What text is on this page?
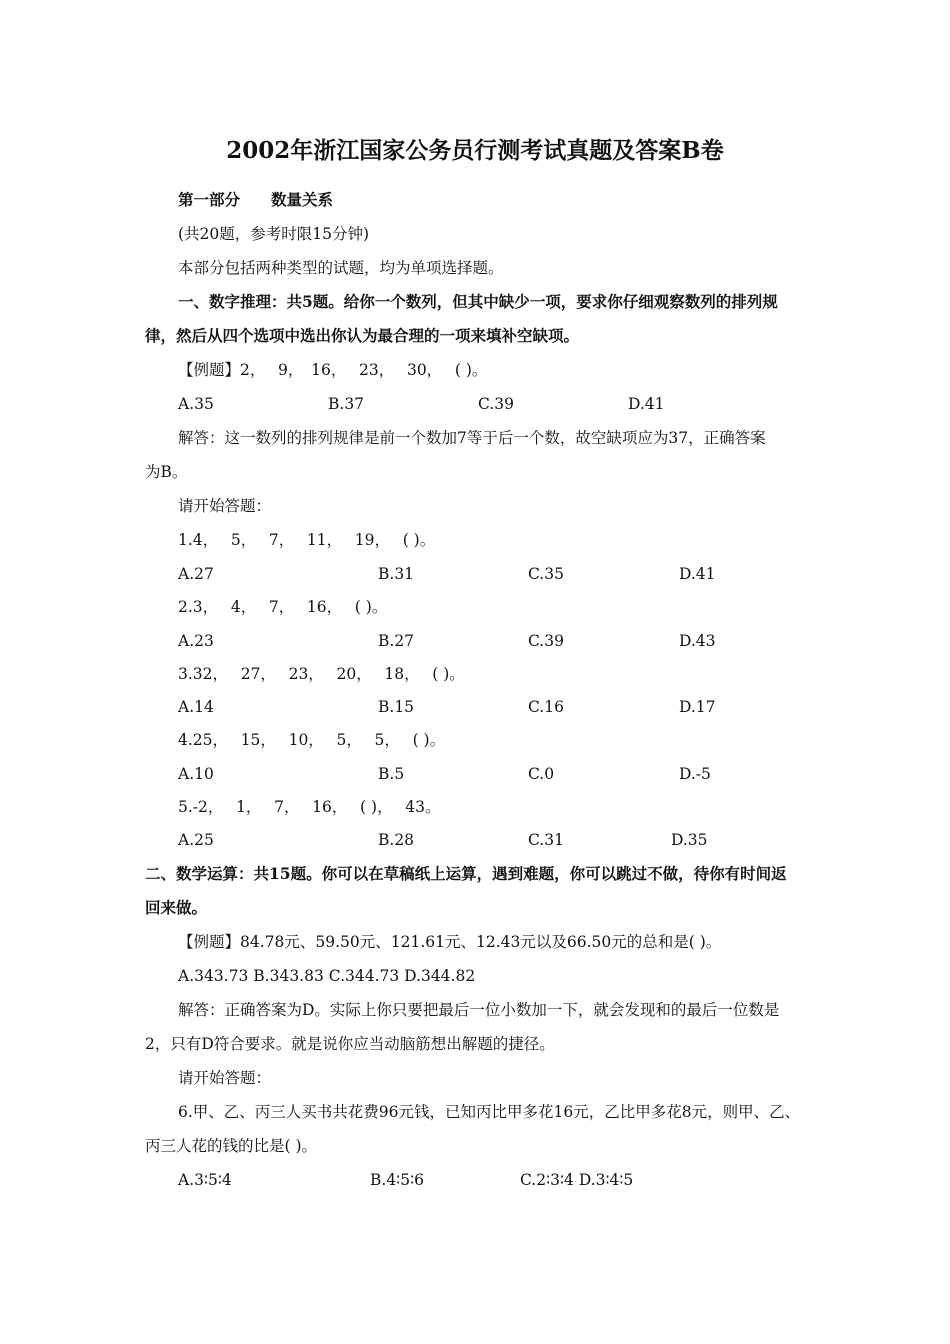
2002年浙江国家公务员行测考试真题及答案B卷
第一部分　　数量关系
(共20题，参考时限15分钟)
本部分包括两种类型的试题，均为单项选择题。
一、数字推理：共5题。给你一个数列，但其中缺少一项，要求你仔细观察数列的排列规
律，然后从四个选项中选出你认为最合理的一项来填补空缺项。
【例题】2，　 9，　16，　 23，　 30，　 ( )。
A.35	B.37	C.39	D.41
解答：这一数列的排列规律是前一个数加7等于后一个数，故空缺项应为37，正确答案
为B。
请开始答题：
1.4，　 5，　 7，　 11，　 19，　 ( )。
A.27	B.31	C.35	D.41
2.3，　 4，　 7，　 16，　 ( )。
A.23	B.27	C.39	D.43
3.32，　 27，　 23，　 20，　 18，　 ( )。
A.14	B.15	C.16	D.17
4.25，　 15，　 10，　 5，　 5，　 ( )。
A.10	B.5	C.0	D.-5
5.-2，　 1，　 7，　 16，　 ( )，　 43。
A.25	B.28	C.31	D.35
二、数学运算：共15题。你可以在草稿纸上运算，遇到难题，你可以跳过不做，待你有时间返
回来做。
【例题】84.78元、59.50元、121.61元、12.43元以及66.50元的总和是( )。
A.343.73 B.343.83 C.344.73 D.344.82
解答：正确答案为D。实际上你只要把最后一位小数加一下，就会发现和的最后一位数是
2，只有D符合要求。就是说你应当动脑筋想出解题的捷径。
请开始答题：
6.甲、乙、丙三人买书共花费96元钱，已知丙比甲多花16元，乙比甲多花8元，则甲、乙、
丙三人花的钱的比是( )。
A.3∶5∶4	B.4∶5∶6	C.2∶3∶4 D.3∶4∶5
